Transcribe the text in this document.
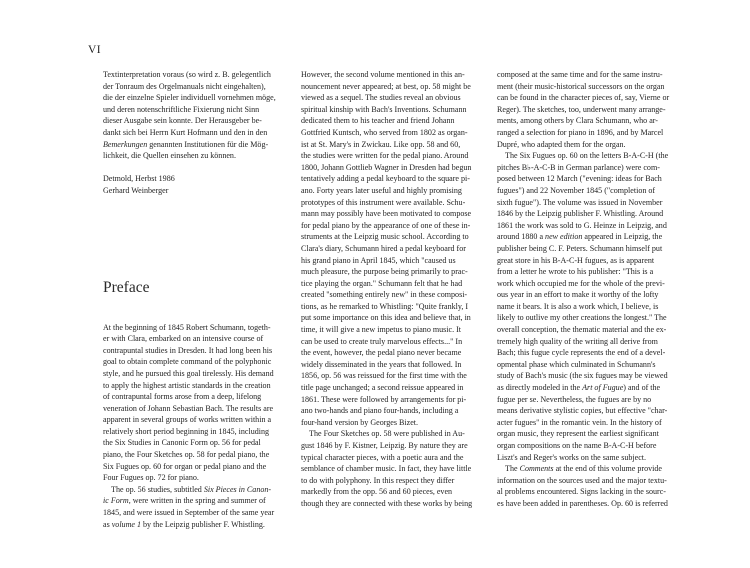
VI
Textinterpretation voraus (so wird z. B. gelegentlich
der Tonraum des Orgelmanuals nicht eingehalten),
die der einzelne Spieler individuell vornehmen möge,
und deren notenschriftliche Fixierung nicht Sinn
dieser Ausgabe sein konnte. Der Herausgeber be-
dankt sich bei Herrn Kurt Hofmann und den in den
Bemerkungen genannten Institutionen für die Mög-
lichkeit, die Quellen einsehen zu können.
Detmold, Herbst 1986
Gerhard Weinberger
Preface
At the beginning of 1845 Robert Schumann, togeth-
er with Clara, embarked on an intensive course of
contrapuntal studies in Dresden. It had long been his
goal to obtain complete command of the polyphonic
style, and he pursued this goal tirelessly. His demand
to apply the highest artistic standards in the creation
of contrapuntal forms arose from a deep, lifelong
veneration of Johann Sebastian Bach. The results are
apparent in several groups of works written within a
relatively short period beginning in 1845, including
the Six Studies in Canonic Form op. 56 for pedal
piano, the Four Sketches op. 58 for pedal piano, the
Six Fugues op. 60 for organ or pedal piano and the
Four Fugues op. 72 for piano.
 The op. 56 studies, subtitled Six Pieces in Canon-
ic Form, were written in the spring and summer of
1845, and were issued in September of the same year
as volume 1 by the Leipzig publisher F. Whistling.
However, the second volume mentioned in this an-
nouncement never appeared; at best, op. 58 might be
viewed as a sequel. The studies reveal an obvious
spiritual kinship with Bach's Inventions. Schumann
dedicated them to his teacher and friend Johann
Gottfried Kuntsch, who served from 1802 as organ-
ist at St. Mary's in Zwickau. Like opp. 58 and 60,
the studies were written for the pedal piano. Around
1800, Johann Gottlieb Wagner in Dresden had begun
tentatively adding a pedal keyboard to the square pi-
ano. Forty years later useful and highly promising
prototypes of this instrument were available. Schu-
mann may possibly have been motivated to compose
for pedal piano by the appearance of one of these in-
struments at the Leipzig music school. According to
Clara's diary, Schumann hired a pedal keyboard for
his grand piano in April 1845, which "caused us
much pleasure, the purpose being primarily to prac-
tice playing the organ." Schumann felt that he had
created "something entirely new" in these composi-
tions, as he remarked to Whistling: "Quite frankly, I
put some importance on this idea and believe that, in
time, it will give a new impetus to piano music. It
can be used to create truly marvelous effects..." In
the event, however, the pedal piano never became
widely disseminated in the years that followed. In
1856, op. 56 was reissued for the first time with the
title page unchanged; a second reissue appeared in
1861. These were followed by arrangements for pi-
ano two-hands and piano four-hands, including a
four-hand version by Georges Bizet.
 The Four Sketches op. 58 were published in Au-
gust 1846 by F. Kistner, Leipzig. By nature they are
typical character pieces, with a poetic aura and the
semblance of chamber music. In fact, they have little
to do with polyphony. In this respect they differ
markedly from the opp. 56 and 60 pieces, even
though they are connected with these works by being
composed at the same time and for the same instru-
ment (their music-historical successors on the organ
can be found in the character pieces of, say, Vierne or
Reger). The sketches, too, underwent many arrange-
ments, among others by Clara Schumann, who ar-
ranged a selection for piano in 1896, and by Marcel
Dupré, who adapted them for the organ.
 The Six Fugues op. 60 on the letters B-A-C-H (the
pitches B♭-A-C-B in German parlance) were com-
posed between 12 March ("evening: ideas for Bach
fugues") and 22 November 1845 ("completion of
sixth fugue"). The volume was issued in November
1846 by the Leipzig publisher F. Whistling. Around
1861 the work was sold to G. Heinze in Leipzig, and
around 1880 a new edition appeared in Leipzig, the
publisher being C. F. Peters. Schumann himself put
great store in his B-A-C-H fugues, as is apparent
from a letter he wrote to his publisher: "This is a
work which occupied me for the whole of the previ-
ous year in an effort to make it worthy of the lofty
name it bears. It is also a work which, I believe, is
likely to outlive my other creations the longest." The
overall conception, the thematic material and the ex-
tremely high quality of the writing all derive from
Bach; this fugue cycle represents the end of a devel-
opmental phase which culminated in Schumann's
study of Bach's music (the six fugues may be viewed
as directly modeled in the Art of Fugue) and of the
fugue per se. Nevertheless, the fugues are by no
means derivative stylistic copies, but effective "char-
acter fugues" in the romantic vein. In the history of
organ music, they represent the earliest significant
organ compositions on the name B-A-C-H before
Liszt's and Reger's works on the same subject.
 The Comments at the end of this volume provide
information on the sources used and the major textu-
al problems encountered. Signs lacking in the sourc-
es have been added in parentheses. Op. 60 is referred
